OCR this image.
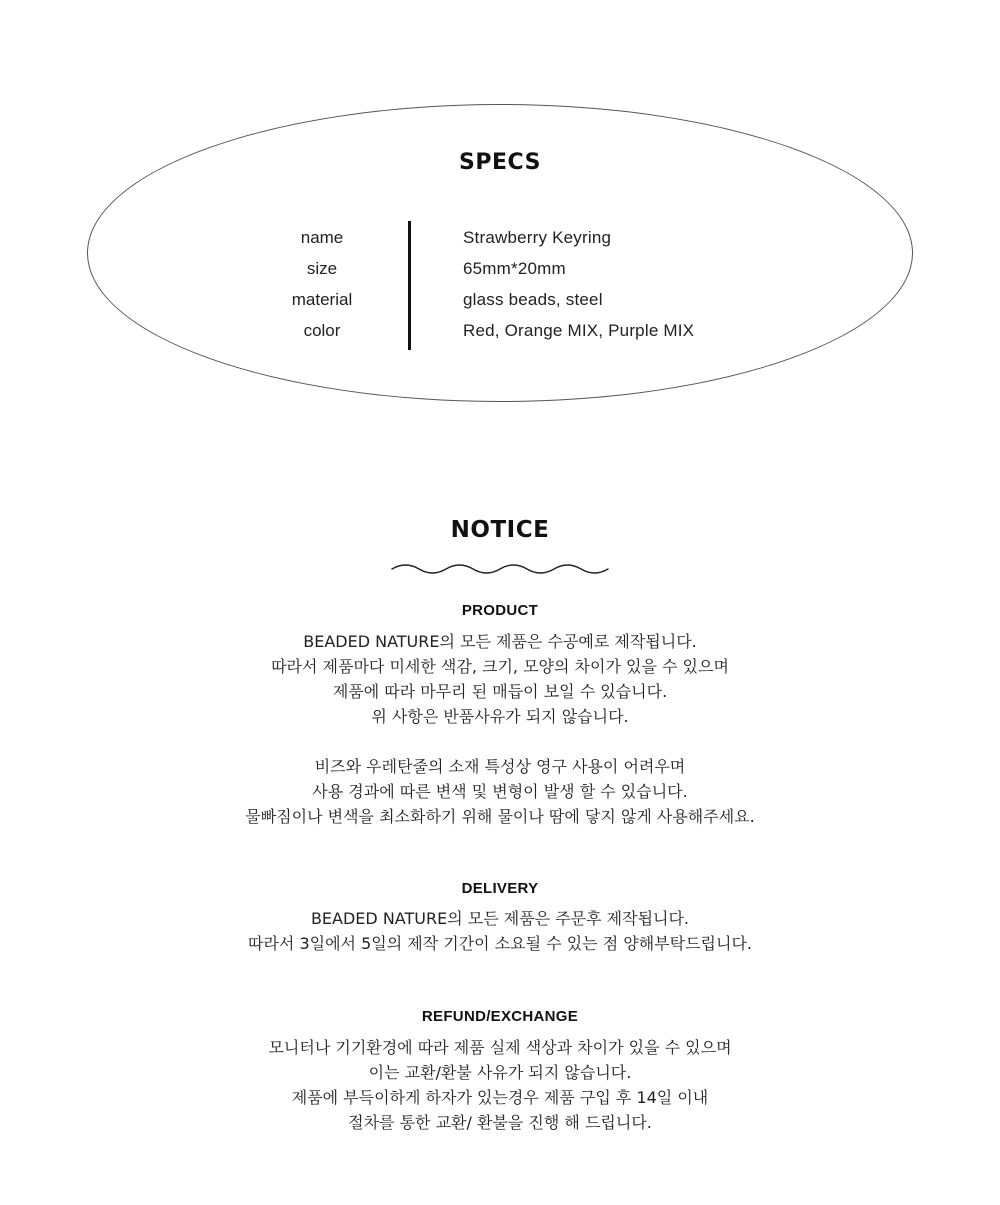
SPECS
name
size
material
color
Strawberry Keyring
65mm*20mm
glass beads, steel
Red, Orange MIX, Purple MIX
NOTICE
PRODUCT
BEADED NATURE의 모든 제품은 수공예로 제작됩니다.
따라서 제품마다 미세한 색감, 크기, 모양의 차이가 있을 수 있으며
제품에 따라 마무리 된 매듭이 보일 수 있습니다.
위 사항은 반품사유가 되지 않습니다.
비즈와 우레탄줄의 소재 특성상 영구 사용이 어려우며
사용 경과에 따른 변색 및 변형이 발생 할 수 있습니다.
물빠짐이나 변색을 최소화하기 위해 물이나 땀에 닿지 않게 사용해주세요.
DELIVERY
BEADED NATURE의 모든 제품은 주문후 제작됩니다.
따라서 3일에서 5일의 제작 기간이 소요될 수 있는 점 양해부탁드립니다.
REFUND/EXCHANGE
모니터나 기기환경에 따라 제품 실제 색상과 차이가 있을 수 있으며
이는 교환/환불 사유가 되지 않습니다.
제품에 부득이하게 하자가 있는경우 제품 구입 후 14일 이내
절차를 통한 교환/ 환불을 진행 해 드립니다.
